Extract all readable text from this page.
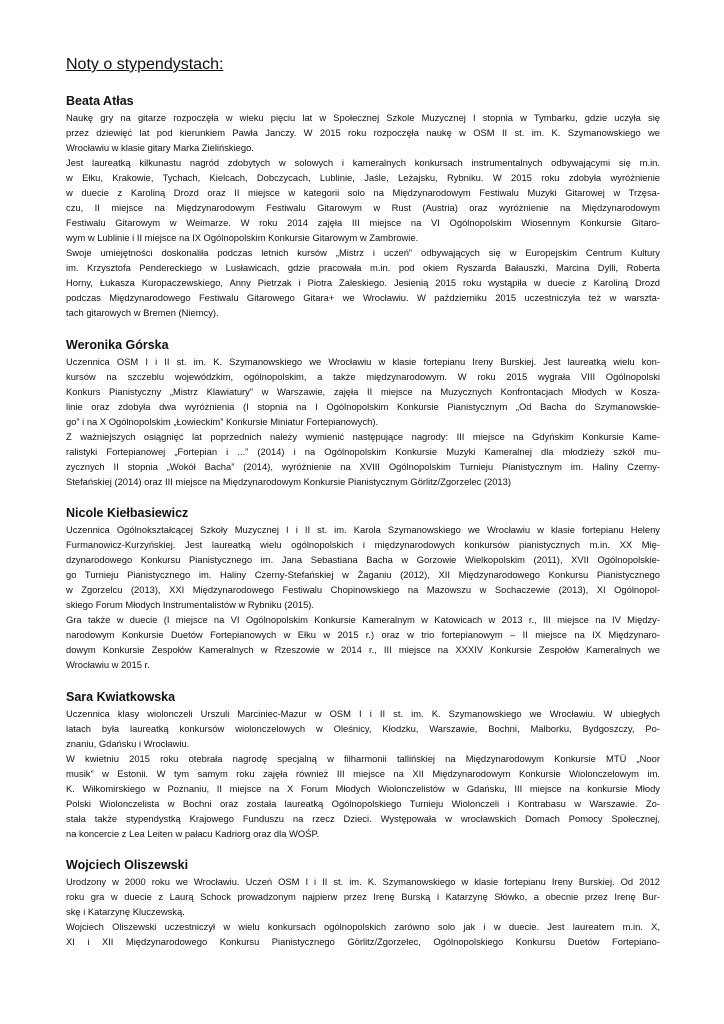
Noty o stypendystach:
Beata Atłas

Naukę gry na gitarze rozpoczęła w wieku pięciu lat w Społecznej Szkole Muzycznej I stopnia w Tymbarku, gdzie uczyła się

przez dziewięć lat pod kierunkiem Pawła Janczy. W 2015 roku rozpoczęła naukę w OSM II st. im. K. Szymanowskiego we

Wrocławiu w klasie gitary Marka Zielińskiego.

Jest laureatką kilkunastu nagród zdobytych w solowych i kameralnych konkursach instrumentalnych odbywającymi się m.in.

w Ełku, Krakowie, Tychach, Kielcach, Dobczycach, Lublinie, Jaśle, Leżajsku, Rybniku. W 2015 roku zdobyła wyróżnienie

w duecie z Karoliną Drozd oraz II miejsce w kategorii solo na Międzynarodowym Festiwalu Muzyki Gitarowej w Trzęsa-

czu, II miejsce na Międzynarodowym Festiwalu Gitarowym w Rust (Austria) oraz wyróżnienie na Międzynarodowym

Festiwalu Gitarowym w Weimarze. W roku 2014 zajęła III miejsce na VI Ogólnopolskim Wiosennym Konkursie Gitaro-

wym w Lublinie i II miejsce na IX Ogólnopolskim Konkursie Gitarowym w Zambrowie.

Swoje umiejętności doskonaliła podczas letnich kursów „Mistrz i uczeń” odbywających się w Europejskim Centrum Kultury

im. Krzysztofa Pendereckiego w Lusławicach, gdzie pracowała m.in. pod okiem Ryszarda Bałauszki, Marcina Dylli, Roberta

Horny, Łukasza Kuropaczewskiego, Anny Pietrzak i Piotra Zaleskiego. Jesienią 2015 roku wystąpiła w duecie z Karoliną Drozd

podczas Międzynarodowego Festiwalu Gitarowego Gitara+ we Wrocławiu. W październiku 2015 uczestniczyła też w warszta-

tach gitarowych w Bremen (Niemcy).

Weronika Górska

Uczennica OSM I i II st. im. K. Szymanowskiego we Wrocławiu w klasie fortepianu Ireny Burskiej. Jest laureatką wielu kon-

kursów na szczeblu wojewódzkim, ogólnopolskim, a także międzynarodowym. W roku 2015 wygrała VIII Ogólnopolski

Konkurs Pianistyczny „Mistrz Klawiatury” w Warszawie, zajęła II miejsce na Muzycznych Konfrontacjach Młodych w Kosza-

linie oraz zdobyła dwa wyróżnienia (I stopnia na I Ogólnopolskim Konkursie Pianistycznym „Od Bacha do Szymanowskie-

go” i na X Ogólnopolskim „Łowieckim” Konkursie Miniatur Fortepianowych).

Z ważniejszych osiągnięć lat poprzednich należy wymienić następujące nagrody: III miejsce na Gdyńskim Konkursie Kame-

ralistyki Fortepianowej „Fortepian i ...” (2014) i na Ogólnopolskim Konkursie Muzyki Kameralnej dla młodzieży szkół mu-

zycznych II stopnia „Wokół Bacha” (2014), wyróżnienie na XVIII Ogólnopolskim Turnieju Pianistycznym im. Haliny Czerny-

Stefańskiej (2014) oraz III miejsce na Międzynarodowym Konkursie Pianistycznym Görlitz/Zgorzelec (2013)

Nicole Kiełbasiewicz

Uczennica Ogólnokształcącej Szkoły Muzycznej I i II st. im. Karola Szymanowskiego we Wrocławiu w klasie fortepianu Heleny

Furmanowicz-Kurzyńskiej. Jest laureatką wielu ogólnopolskich i międzynarodowych konkursów pianistycznych m.in. XX Mię-

dzynarodowego Konkursu Pianistycznego im. Jana Sebastiana Bacha w Gorzowie Wielkopolskim (2011), XVII Ogólnopolskie-

go Turnieju Pianistycznego im. Haliny Czerny-Stefańskiej w Żaganiu (2012), XII Międzynarodowego Konkursu Pianistycznego

w Zgorzelcu (2013), XXI Międzynarodowego Festiwalu Chopinowskiego na Mazowszu w Sochaczewie (2013), XI Ogólnopol-

skiego Forum Młodych Instrumentalistów w Rybniku (2015).

Gra także w duecie (I miejsce na VI Ogólnopolskim Konkursie Kameralnym w Katowicach w 2013 r., III miejsce na IV Między-

narodowym Konkursie Duetów Fortepianowych w Ełku w 2015 r.) oraz w trio fortepianowym – II miejsce na IX Międzynaro-

dowym Konkursie Zespołów Kameralnych w Rzeszowie w 2014 r., III miejsce na XXXIV Konkursie Zespołów Kameralnych we

Wrocławiu w 2015 r.

Sara Kwiatkowska

Uczennica klasy wiolonczeli Urszuli Marciniec-Mazur w OSM I i II st. im. K. Szymanowskiego we Wrocławiu. W ubiegłych

latach była laureatką konkursów wiolonczelowych w Oleśnicy, Kłodzku, Warszawie, Bochni, Malborku, Bydgoszczy, Po-

znaniu, Gdańsku i Wrocławiu.

W kwietniu 2015 roku otebrała nagrodę specjalną w filharmonii tallińskiej na Międzynarodowym Konkursie MTÜ „Noor

musik” w Estonii. W tym samym roku zajęła również III miejsce na XII Międzynarodowym Konkursie Wiolonczelowym im.

K. Wiłkomirskiego w Poznaniu, II miejsce na X Forum Młodych Wiolonczelistów w Gdańsku, III miejsce na konkursie Młody

Polski Wiolonczelista w Bochni oraz została laureatką Ogólnopolskiego Turnieju Wiolonczeli i Kontrabasu w Warszawie. Zo-

stała także stypendystką Krajowego Funduszu na rzecz Dzieci. Występowała w wrocławskich Domach Pomocy Społecznej,

na koncercie z Lea Leiten w pałacu Kadriorg oraz dla WOŚP.

Wojciech Oliszewski

Urodzony w 2000 roku we Wrocławiu. Uczeń OSM I i II st. im. K. Szymanowskiego w klasie fortepianu Ireny Burskiej. Od 2012

roku gra w duecie z Laurą Schock prowadzonym najpierw przez Irenę Burską i Katarzynę Słówko, a obecnie przez Irenę Bur-

skę i Katarzynę Kluczewską.

Wojciech Oliszewski uczestniczył w wielu konkursach ogólnopolskich zarówno solo jak i w duecie. Jest laureatem m.in. X,

XI i XII Międzynarodowego Konkursu Pianistycznego Görlitz/Zgorzelec, Ogólnopolskiego Konkursu Duetów Fortepiano-
